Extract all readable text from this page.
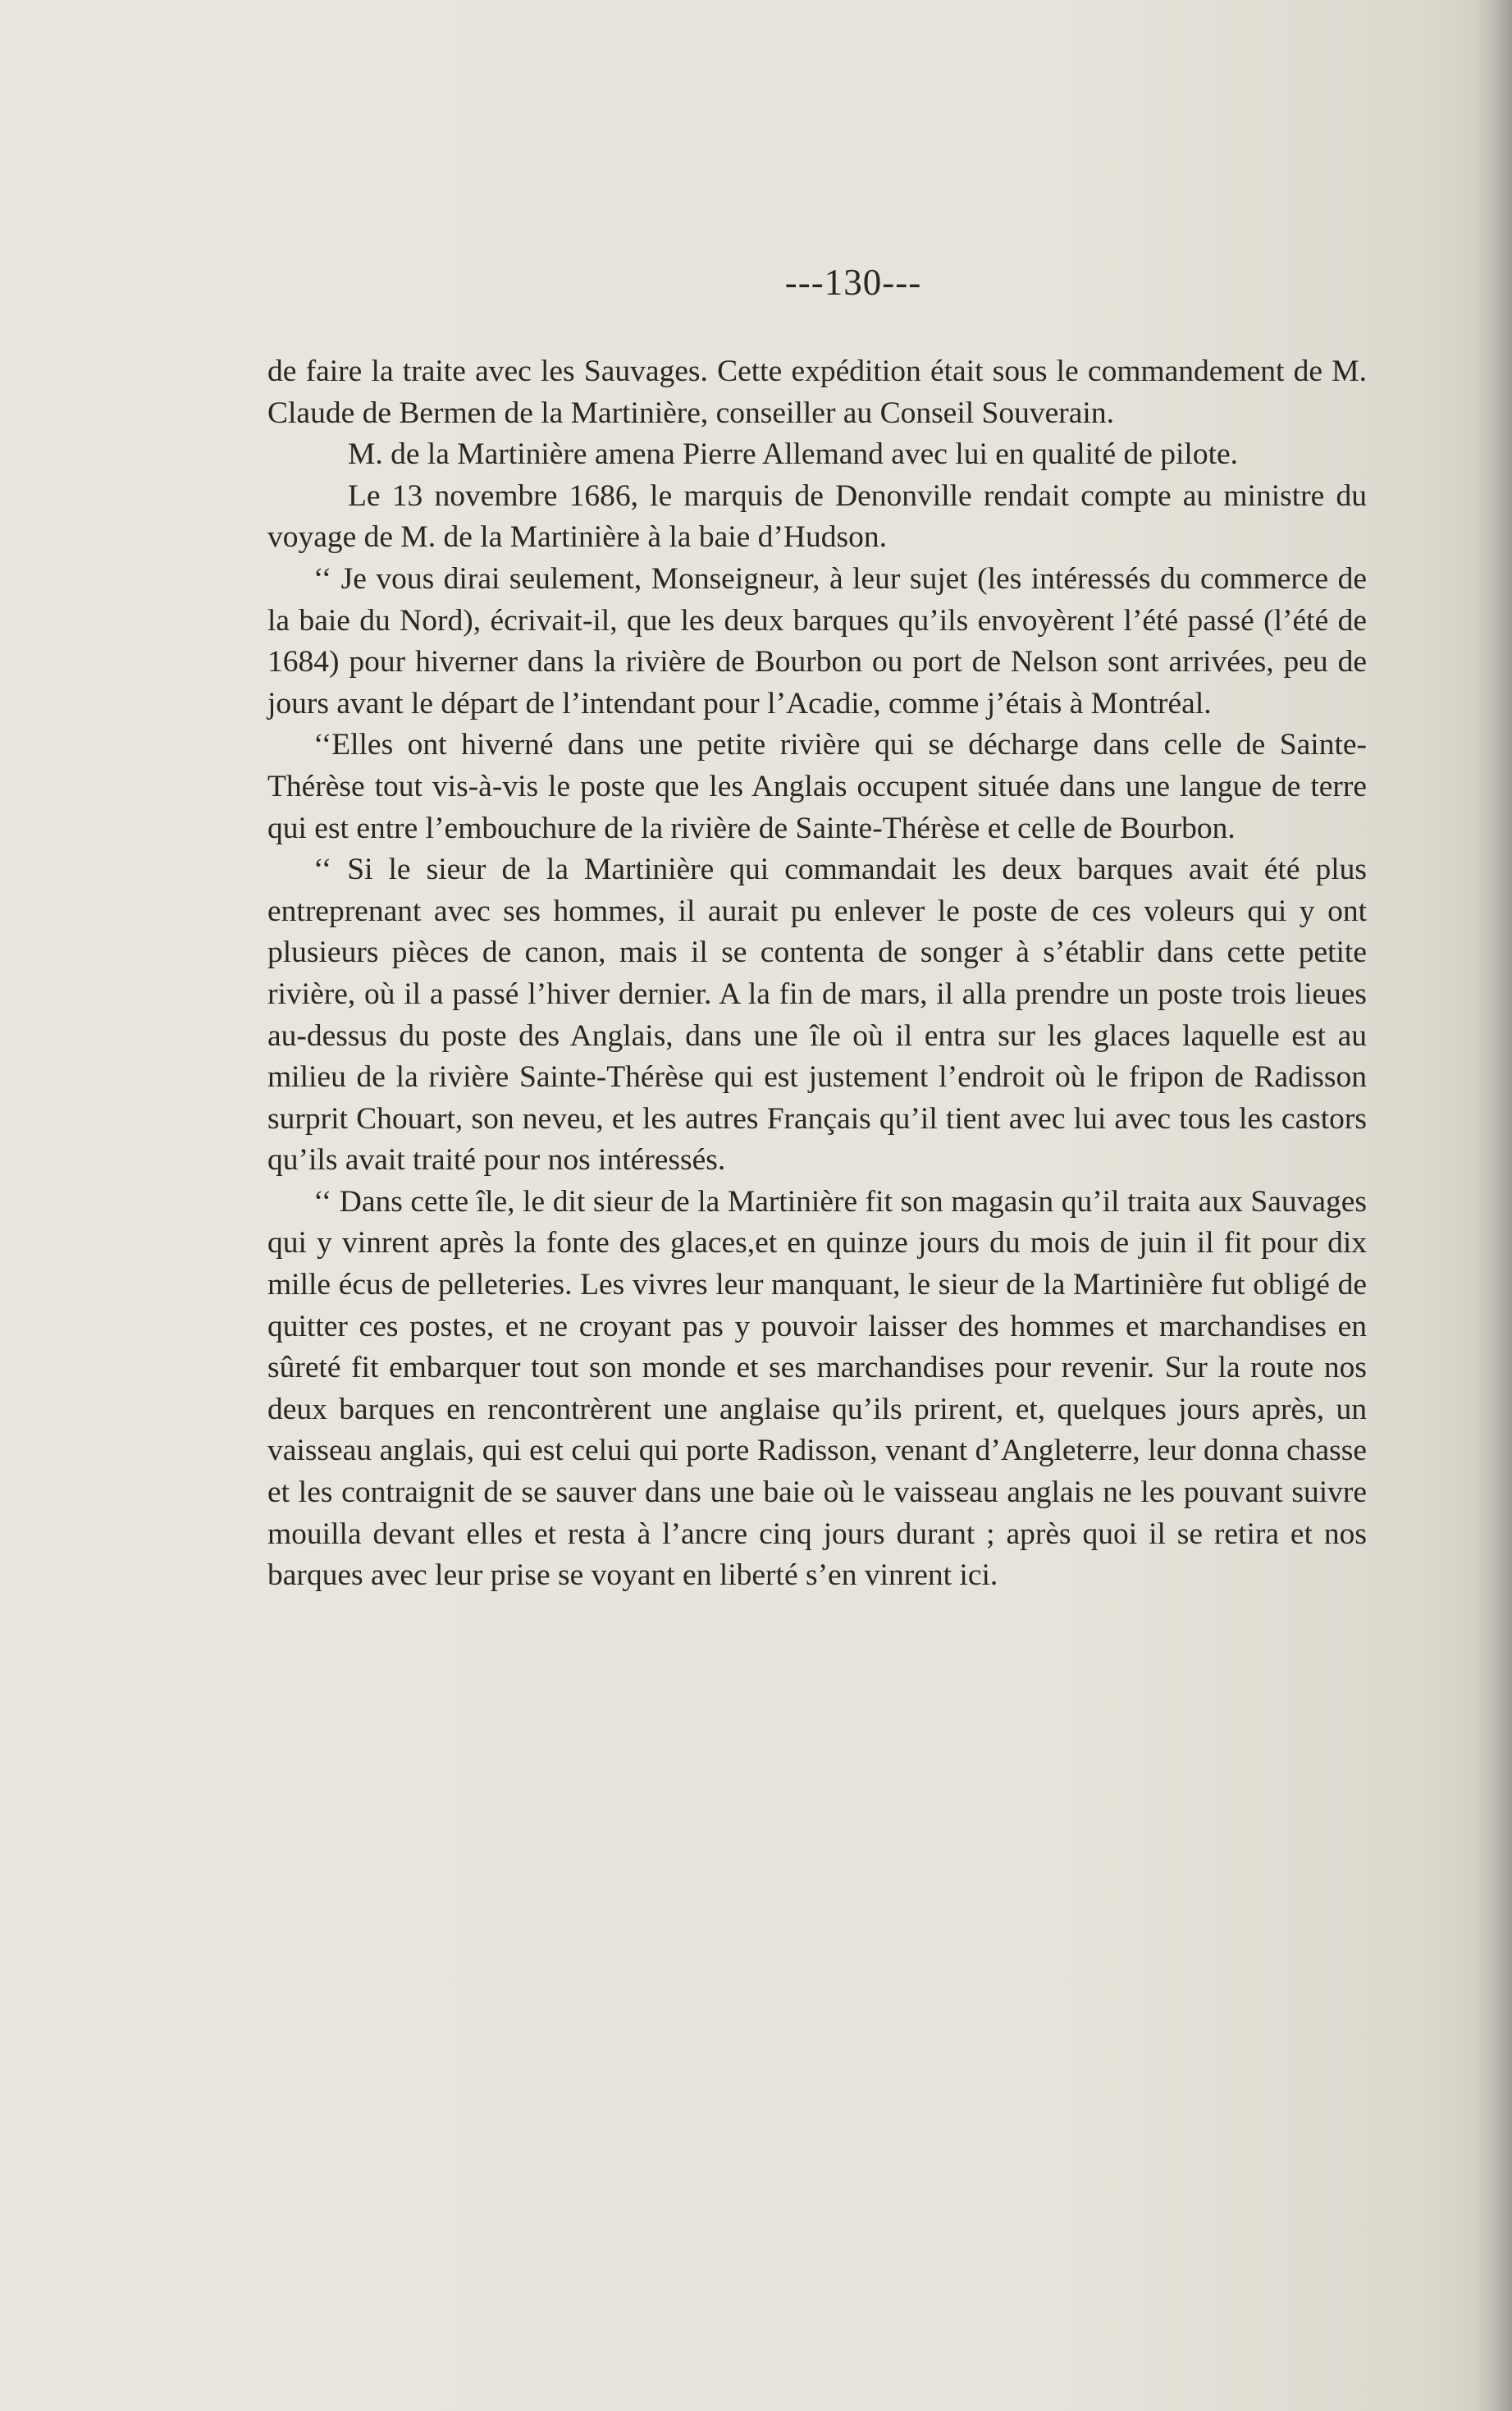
---130---

de faire la traite avec les Sauvages. Cette expédition était sous le commandement de M. Claude de Bermen de la Martinière, conseiller au Conseil Souverain.

M. de la Martinière amena Pierre Allemand avec lui en qualité de pilote.

Le 13 novembre 1686, le marquis de Denonville rendait compte au ministre du voyage de M. de la Martinière à la baie d’Hudson.

‘‘ Je vous dirai seulement, Monseigneur, à leur sujet (les intéressés du commerce de la baie du Nord), écrivait-il, que les deux barques qu’ils envoyèrent l’été passé (l’été de 1684) pour hiverner dans la rivière de Bourbon ou port de Nelson sont arrivées, peu de jours avant le départ de l’intendant pour l’Acadie, comme j’étais à Montréal.

‘‘Elles ont hiverné dans une petite rivière qui se décharge dans celle de Sainte-Thérèse tout vis-à-vis le poste que les Anglais occupent située dans une langue de terre qui est entre l’embouchure de la rivière de Sainte-Thérèse et celle de Bourbon.

‘‘ Si le sieur de la Martinière qui commandait les deux barques avait été plus entreprenant avec ses hommes, il aurait pu enlever le poste de ces voleurs qui y ont plusieurs pièces de canon, mais il se contenta de songer à s’établir dans cette petite rivière, où il a passé l’hiver dernier. A la fin de mars, il alla prendre un poste trois lieues au-dessus du poste des Anglais, dans une île où il entra sur les glaces laquelle est au milieu de la rivière Sainte-Thérèse qui est justement l’endroit où le fripon de Radisson surprit Chouart, son neveu, et les autres Français qu’il tient avec lui avec tous les castors qu’ils avait traité pour nos intéressés.

‘‘ Dans cette île, le dit sieur de la Martinière fit son magasin qu’il traita aux Sauvages qui y vinrent après la fonte des glaces,et en quinze jours du mois de juin il fit pour dix mille écus de pelleteries. Les vivres leur manquant, le sieur de la Martinière fut obligé de quitter ces postes, et ne croyant pas y pouvoir laisser des hommes et marchandises en sûreté fit embarquer tout son monde et ses marchandises pour revenir. Sur la route nos deux barques en rencontrèrent une anglaise qu’ils prirent, et, quelques jours après, un vaisseau anglais, qui est celui qui porte Radisson, venant d’Angleterre, leur donna chasse et les contraignit de se sauver dans une baie où le vaisseau anglais ne les pouvant suivre mouilla devant elles et resta à l’ancre cinq jours durant ; après quoi il se retira et nos barques avec leur prise se voyant en liberté s’en vinrent ici.
